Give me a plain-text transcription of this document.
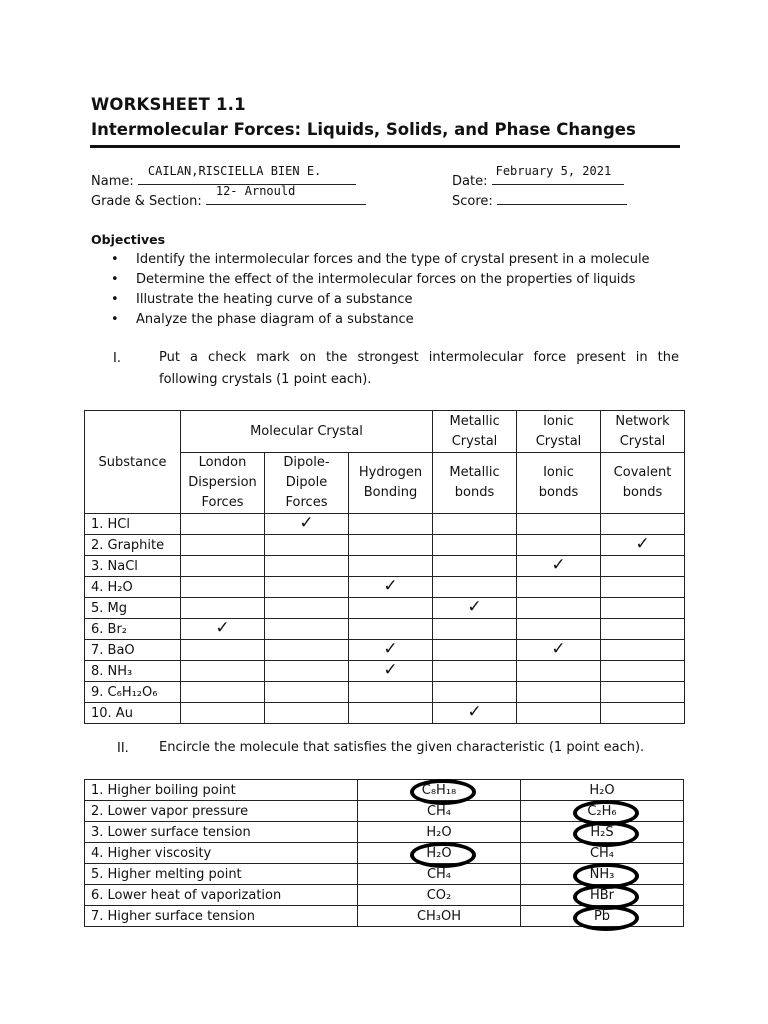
WORKSHEET 1.1
Intermolecular Forces: Liquids, Solids, and Phase Changes
Name:
CAILAN,RISCIELLA BIEN E.
Date:
February 5, 2021
Grade & Section:
12- Arnould
Score:
Objectives
• Identify the intermolecular forces and the type of crystal present in a molecule
• Determine the effect of the intermolecular forces on the properties of liquids
• Illustrate the heating curve of a substance
• Analyze the phase diagram of a substance
I.	Put a check mark on the strongest intermolecular force present in the
following crystals (1 point each).
Substance	Molecular Crystal			Metallic Crystal	Ionic Crystal	Network Crystal

	London Dispersion Forces	Dipole-Dipole Forces	Hydrogen Bonding	Metallic bonds	Ionic bonds	Covalent bonds

1. HCl		✓				
2. Graphite						✓
3. NaCl					✓	
4. H₂O			✓			
5. Mg				✓		
6. Br₂	✓					
7. BaO			✓		✓	
8. NH₃			✓			
9. C₆H₁₂O₆						
10. Au				✓		
II. Encircle the molecule that satisfies the given characteristic (1 point each).
1. Higher boiling point	C₈H₁₈	H₂O
2. Lower vapor pressure	CH₄	C₂H₆
3. Lower surface tension	H₂O	H₂S
4. Higher viscosity	H₂O	CH₄
5. Higher melting point	CH₄	NH₃
6. Lower heat of vaporization	CO₂	HBr
7. Higher surface tension	CH₃OH	Pb
